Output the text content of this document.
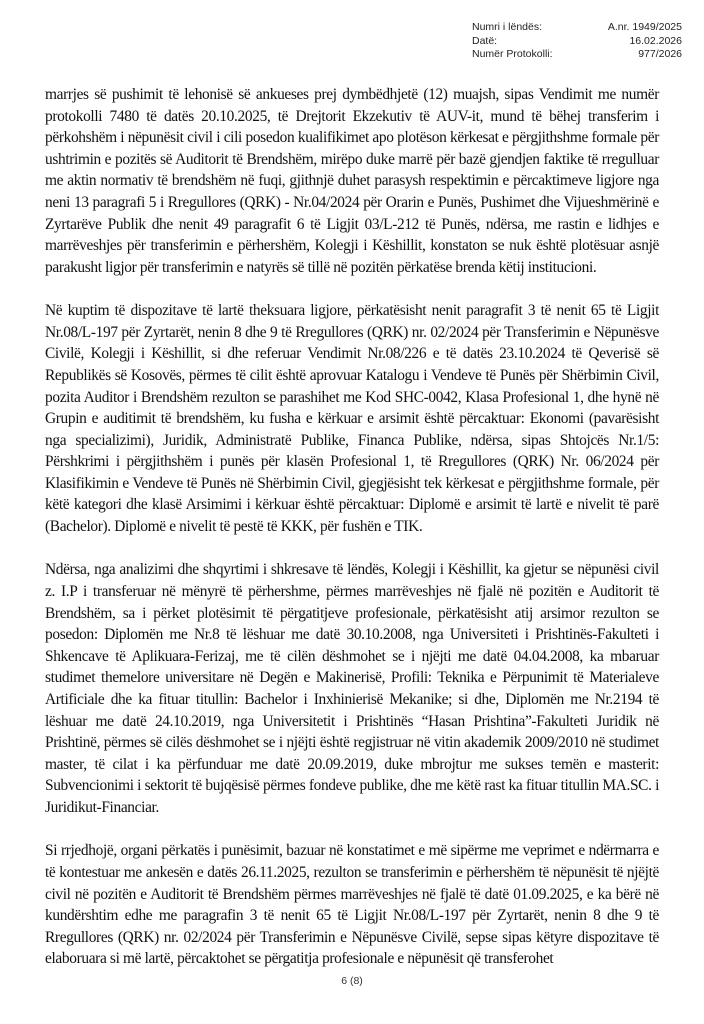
Numri i lëndës:	A.nr. 1949/2025
Datë:	16.02.2026
Numër Protokolli:	977/2026

marrjes së pushimit të lehonisë së ankueses prej dymbëdhjetë (12) muajsh, sipas Vendimit me numër protokolli 7480 të datës 20.10.2025, të Drejtorit Ekzekutiv të AUV-it, mund të bëhej transferim i përkohshëm i nëpunësit civil i cili posedon kualifikimet apo plotëson kërkesat e përgjithshme formale për ushtrimin e pozitës së Auditorit të Brendshëm, mirëpo duke marrë për bazë gjendjen faktike të rregulluar me aktin normativ të brendshëm në fuqi, gjithnjë duhet parasysh respektimin e përcaktimeve ligjore nga neni 13 paragrafi 5 i Rregullores (QRK) - Nr.04/2024 për Orarin e Punës, Pushimet dhe Vijueshmërinë e Zyrtarëve Publik dhe nenit 49 paragrafit 6 të Ligjit 03/L-212 të Punës, ndërsa, me rastin e lidhjes e marrëveshjes për transferimin e përhershëm, Kolegji i Këshillit, konstaton se nuk është plotësuar asnjë parakusht ligjor për transferimin e natyrës së tillë në pozitën përkatëse brenda këtij institucioni.

Në kuptim të dispozitave të lartë theksuara ligjore, përkatësisht nenit paragrafit 3 të nenit 65 të Ligjit Nr.08/L-197 për Zyrtarët, nenin 8 dhe 9 të Rregullores (QRK) nr. 02/2024 për Transferimin e Nëpunësve Civilë, Kolegji i Këshillit, si dhe referuar Vendimit Nr.08/226 e të datës 23.10.2024 të Qeverisë së Republikës së Kosovës, përmes të cilit është aprovuar Katalogu i Vendeve të Punës për Shërbimin Civil, pozita Auditor i Brendshëm rezulton se parashihet me Kod SHC-0042, Klasa Profesional 1, dhe hynë në Grupin e auditimit të brendshëm, ku fusha e kërkuar e arsimit është përcaktuar: Ekonomi (pavarësisht nga specializimi), Juridik, Administratë Publike, Financa Publike, ndërsa, sipas Shtojcës Nr.1/5: Përshkrimi i përgjithshëm i punës për klasën Profesional 1, të Rregullores (QRK) Nr. 06/2024 për Klasifikimin e Vendeve të Punës në Shërbimin Civil, gjegjësisht tek kërkesat e përgjithshme formale, për këtë kategori dhe klasë Arsimimi i kërkuar është përcaktuar: Diplomë e arsimit të lartë e nivelit të parë (Bachelor). Diplomë e nivelit të pestë të KKK, për fushën e TIK.

Ndërsa, nga analizimi dhe shqyrtimi i shkresave të lëndës, Kolegji i Këshillit, ka gjetur se nëpunësi civil z. I.P i transferuar në mënyrë të përhershme, përmes marrëveshjes në fjalë në pozitën e Auditorit të Brendshëm, sa i përket plotësimit të përgatitjeve profesionale, përkatësisht atij arsimor rezulton se posedon: Diplomën me Nr.8 të lëshuar me datë 30.10.2008, nga Universiteti i Prishtinës-Fakulteti i Shkencave të Aplikuara-Ferizaj, me të cilën dëshmohet se i njëjti me datë 04.04.2008, ka mbaruar studimet themelore universitare në Degën e Makinerisë, Profili: Teknika e Përpunimit të Materialeve Artificiale dhe ka fituar titullin: Bachelor i Inxhinierisë Mekanike; si dhe, Diplomën me Nr.2194 të lëshuar me datë 24.10.2019, nga Universitetit i Prishtinës “Hasan Prishtina”-Fakulteti Juridik në Prishtinë, përmes së cilës dëshmohet se i njëjti është regjistruar në vitin akademik 2009/2010 në studimet master, të cilat i ka përfunduar me datë 20.09.2019, duke mbrojtur me sukses temën e masterit: Subvencionimi i sektorit të bujqësisë përmes fondeve publike, dhe me këtë rast ka fituar titullin MA.SC. i Juridikut-Financiar.

Si rrjedhojë, organi përkatës i punësimit, bazuar në konstatimet e më sipërme me veprimet e ndërmarra e të kontestuar me ankesën e datës 26.11.2025, rezulton se transferimin e përhershëm të nëpunësit të njëjtë civil në pozitën e Auditorit të Brendshëm përmes marrëveshjes në fjalë të datë 01.09.2025, e ka bërë në kundërshtim edhe me paragrafin 3 të nenit 65 të Ligjit Nr.08/L-197 për Zyrtarët, nenin 8 dhe 9 të Rregullores (QRK) nr. 02/2024 për Transferimin e Nëpunësve Civilë, sepse sipas këtyre dispozitave të elaboruara si më lartë, përcaktohet se përgatitja profesionale e nëpunësit që transferohet

6 (8)
